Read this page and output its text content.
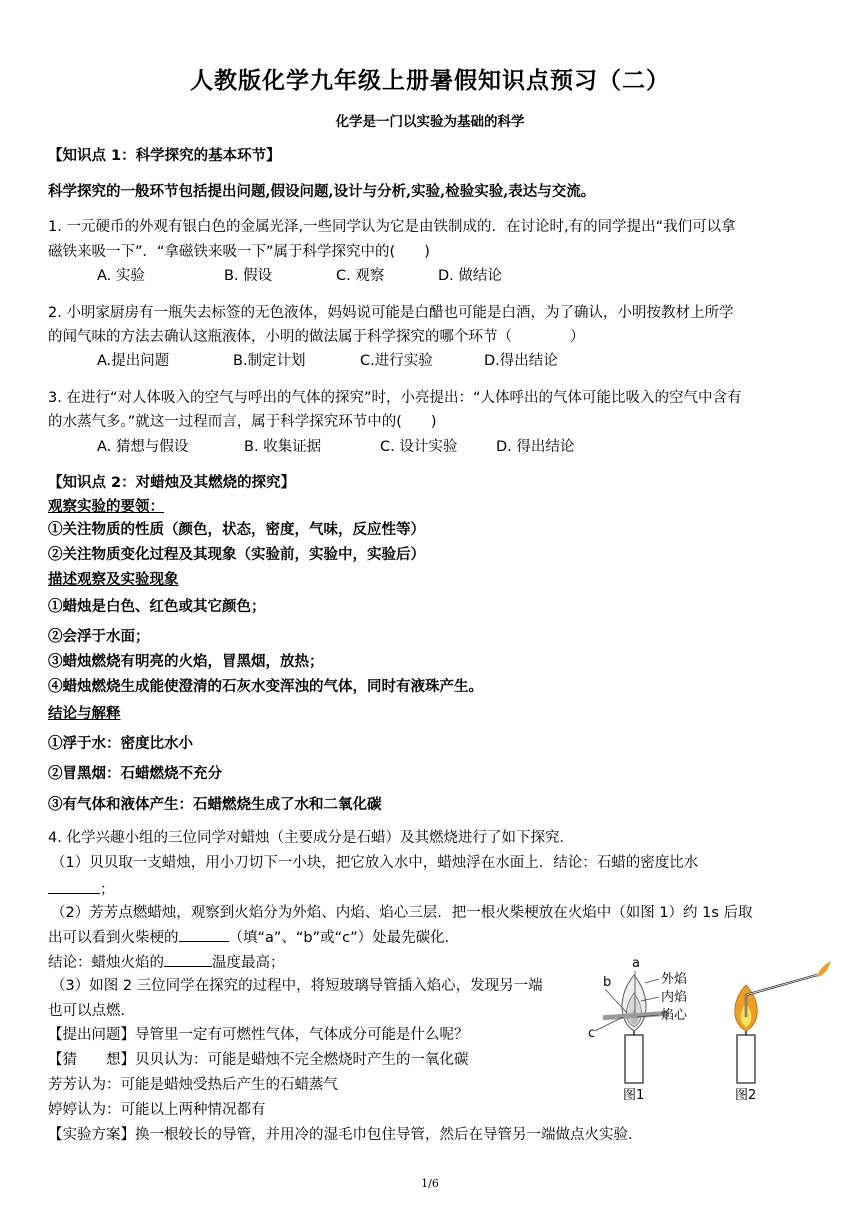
人教版化学九年级上册暑假知识点预习（二）
化学是一门以实验为基础的科学
【知识点 1：科学探究的基本环节】
科学探究的一般环节包括提出问题,假设问题,设计与分析,实验,检验实验,表达与交流。
1. 一元硬币的外观有银白色的金属光泽,一些同学认为它是由铁制成的．在讨论时,有的同学提出“我们可以拿
磁铁来吸一下”．“拿磁铁来吸一下”属于科学探究中的(　　)
A. 实验	B. 假设	C. 观察	D. 做结论
2. 小明家厨房有一瓶失去标签的无色液体，妈妈说可能是白醋也可能是白酒，为了确认，小明按教材上所学
的闻气味的方法去确认这瓶液体，小明的做法属于科学探究的哪个环节（　　　　）
A.提出问题	B.制定计划	C.进行实验	D.得出结论
3. 在进行“对人体吸入的空气与呼出的气体的探究”时，小亮提出：“人体呼出的气体可能比吸入的空气中含有
的水蒸气多。”就这一过程而言，属于科学探究环节中的(　　)
A. 猜想与假设	B. 收集证据	C. 设计实验	D. 得出结论
【知识点 2：对蜡烛及其燃烧的探究】
观察实验的要领：
①关注物质的性质（颜色，状态，密度，气味，反应性等）
②关注物质变化过程及其现象（实验前，实验中，实验后）
描述观察及实验现象
①蜡烛是白色、红色或其它颜色；
②会浮于水面；
③蜡烛燃烧有明亮的火焰，冒黑烟，放热；
④蜡烛燃烧生成能使澄清的石灰水变浑浊的气体，同时有液珠产生。
结论与解释
①浮于水：密度比水小
②冒黑烟：石蜡燃烧不充分
③有气体和液体产生：石蜡燃烧生成了水和二氧化碳
4. 化学兴趣小组的三位同学对蜡烛（主要成分是石蜡）及其燃烧进行了如下探究．
（1）贝贝取一支蜡烛，用小刀切下一小块，把它放入水中，蜡烛浮在水面上．结论：石蜡的密度比水
；
（2）芳芳点燃蜡烛，观察到火焰分为外焰、内焰、焰心三层．把一根火柴梗放在火焰中（如图 1）约 1s 后取
出可以看到火柴梗的	（填“a”、“b”或“c”）处最先碳化．
结论：蜡烛火焰的	温度最高；
（3）如图 2 三位同学在探究的过程中，将短玻璃导管插入焰心，发现另一端
也可以点燃．
【提出问题】导管里一定有可燃性气体，气体成分可能是什么呢？
【猜　　想】贝贝认为：可能是蜡烛不完全燃烧时产生的一氧化碳
芳芳认为：可能是蜡烛受热后产生的石蜡蒸气
婷婷认为：可能以上两种情况都有
【实验方案】换一根较长的导管，并用冷的湿毛巾包住导管，然后在导管另一端做点火实验．
a
b
c
外焰
内焰
焰心
图1	图2
1/6
